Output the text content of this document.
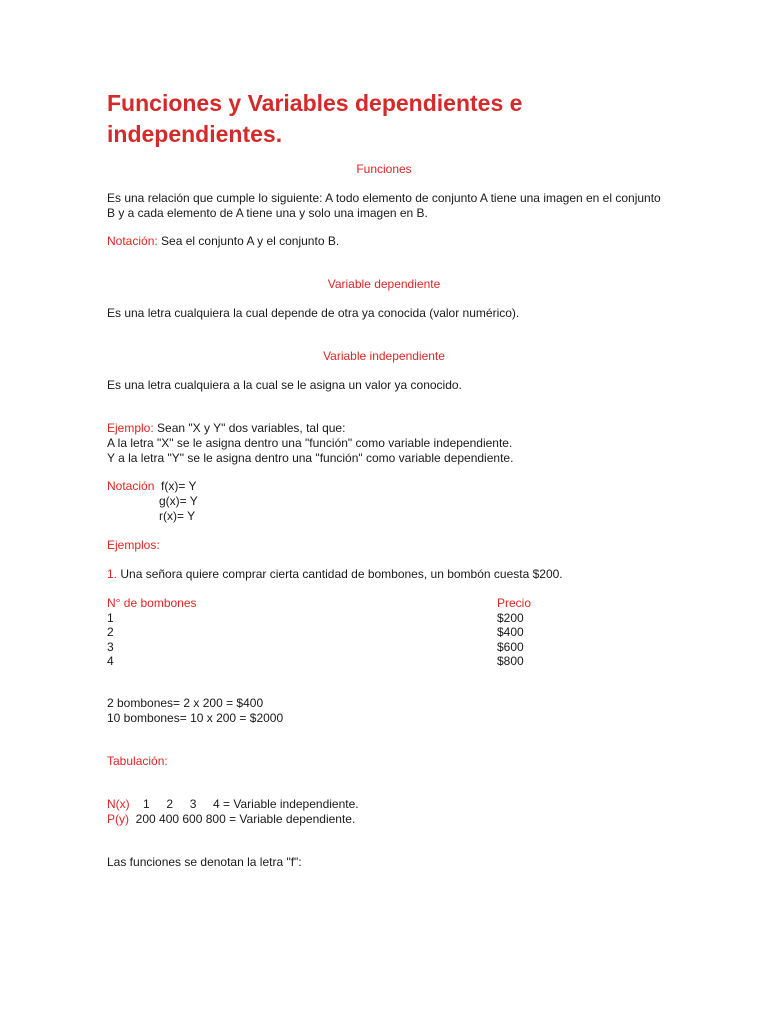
Funciones y Variables dependientes e independientes.
Funciones

Es una relación que cumple lo siguiente: A todo elemento de conjunto A tiene una imagen en el conjunto B y a cada elemento de A tiene una y solo una imagen en B.

Notación: Sea el conjunto A y el conjunto B.

Variable dependiente

Es una letra cualquiera la cual depende de otra ya conocida (valor numérico).

Variable independiente

Es una letra cualquiera a la cual se le asigna un valor ya conocido.

Ejemplo: Sean "X y Y" dos variables, tal que:
A la letra "X" se le asigna dentro una "función" como variable independiente.
Y a la letra "Y" se le asigna dentro una "función" como variable dependiente.
Notación  f(x)= Y
g(x)= Y
r(x)= Y
Ejemplos:
1. Una señora quiere comprar cierta cantidad de bombones, un bombón cuesta $200.
N° de bombones	Precio
1	$200
2	$400
3	$600
4	$800
2 bombones= 2 x 200 = $400
10 bombones= 10 x 200 = $2000
Tabulación:
N(x)    1     2     3     4 = Variable independiente.
P(y)  200 400 600 800 = Variable dependiente.
Las funciones se denotan la letra "f":
